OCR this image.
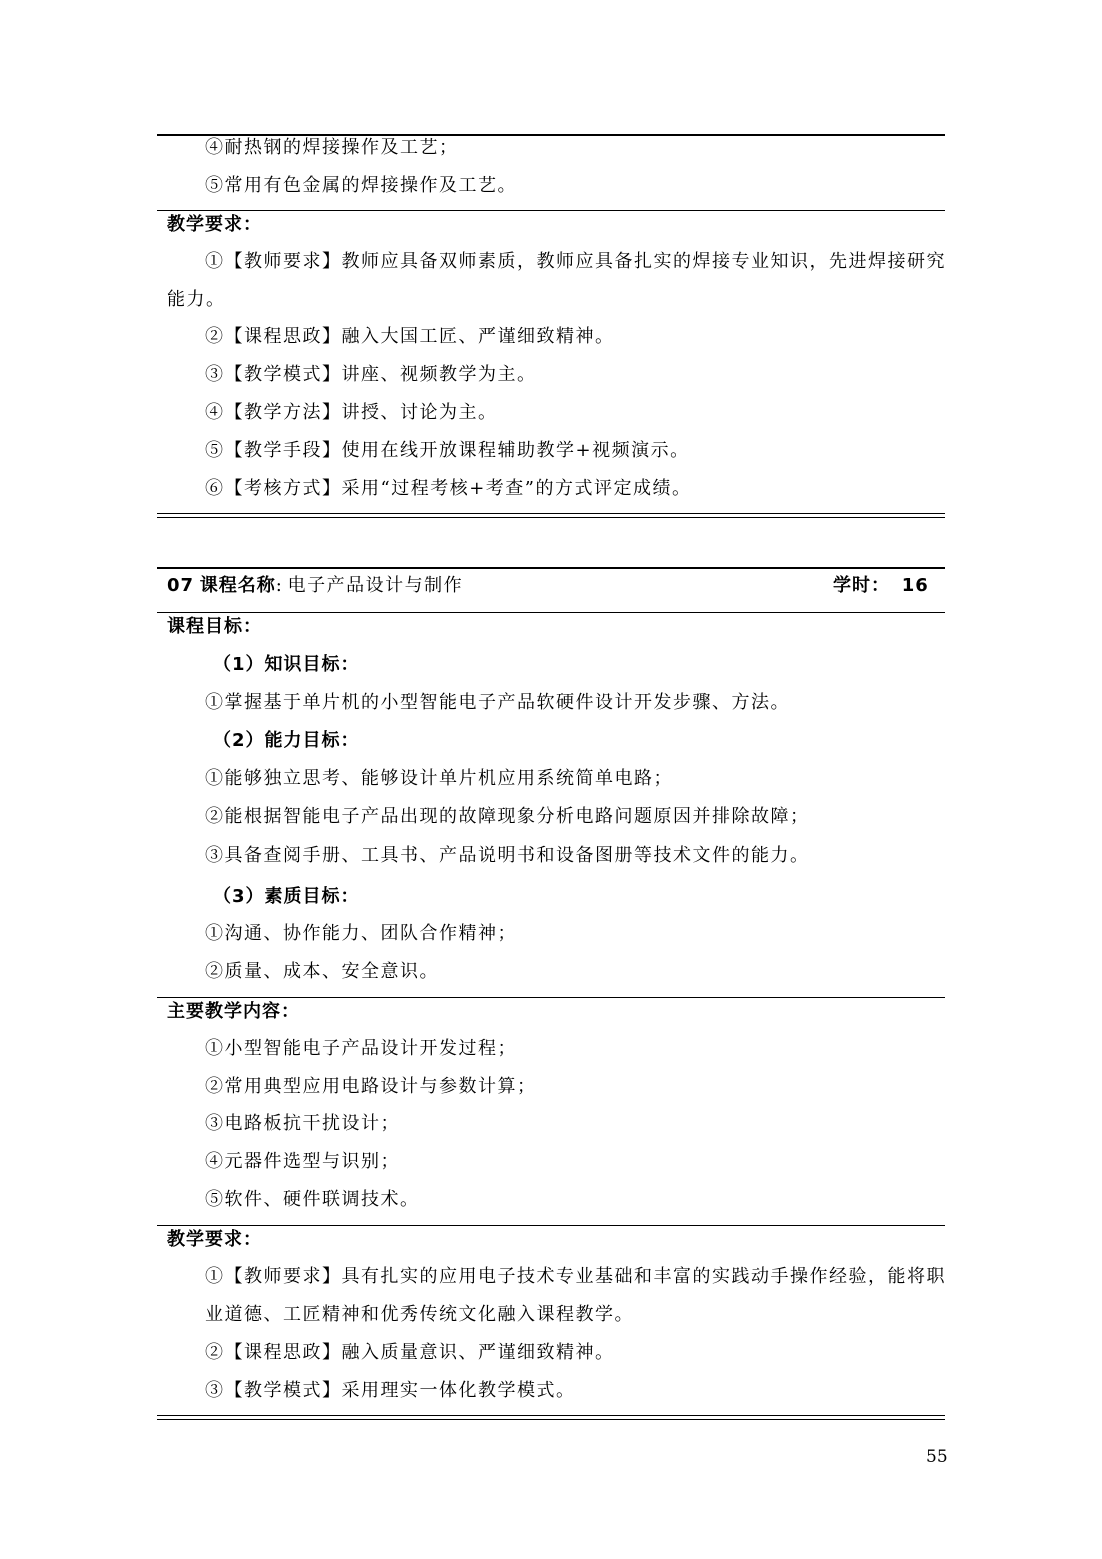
④耐热钢的焊接操作及工艺；
⑤常用有色金属的焊接操作及工艺。
教学要求：
①【教师要求】教师应具备双师素质，教师应具备扎实的焊接专业知识，先进焊接研究
能力。
②【课程思政】融入大国工匠、严谨细致精神。
③【教学模式】讲座、视频教学为主。
④【教学方法】讲授、讨论为主。
⑤【教学手段】使用在线开放课程辅助教学+视频演示。
⑥【考核方式】采用“过程考核+考查”的方式评定成绩。
07 课程名称: 电子产品设计与制作	学时： 16
课程目标：
（1）知识目标：
①掌握基于单片机的小型智能电子产品软硬件设计开发步骤、方法。
（2）能力目标：
①能够独立思考、能够设计单片机应用系统简单电路；
②能根据智能电子产品出现的故障现象分析电路问题原因并排除故障；
③具备查阅手册、工具书、产品说明书和设备图册等技术文件的能力。
（3）素质目标：
①沟通、协作能力、团队合作精神；
②质量、成本、安全意识。
主要教学内容：
①小型智能电子产品设计开发过程；
②常用典型应用电路设计与参数计算；
③电路板抗干扰设计；
④元器件选型与识别；
⑤软件、硬件联调技术。
教学要求：
①【教师要求】具有扎实的应用电子技术专业基础和丰富的实践动手操作经验，能将职
业道德、工匠精神和优秀传统文化融入课程教学。
②【课程思政】融入质量意识、严谨细致精神。
③【教学模式】采用理实一体化教学模式。
55
